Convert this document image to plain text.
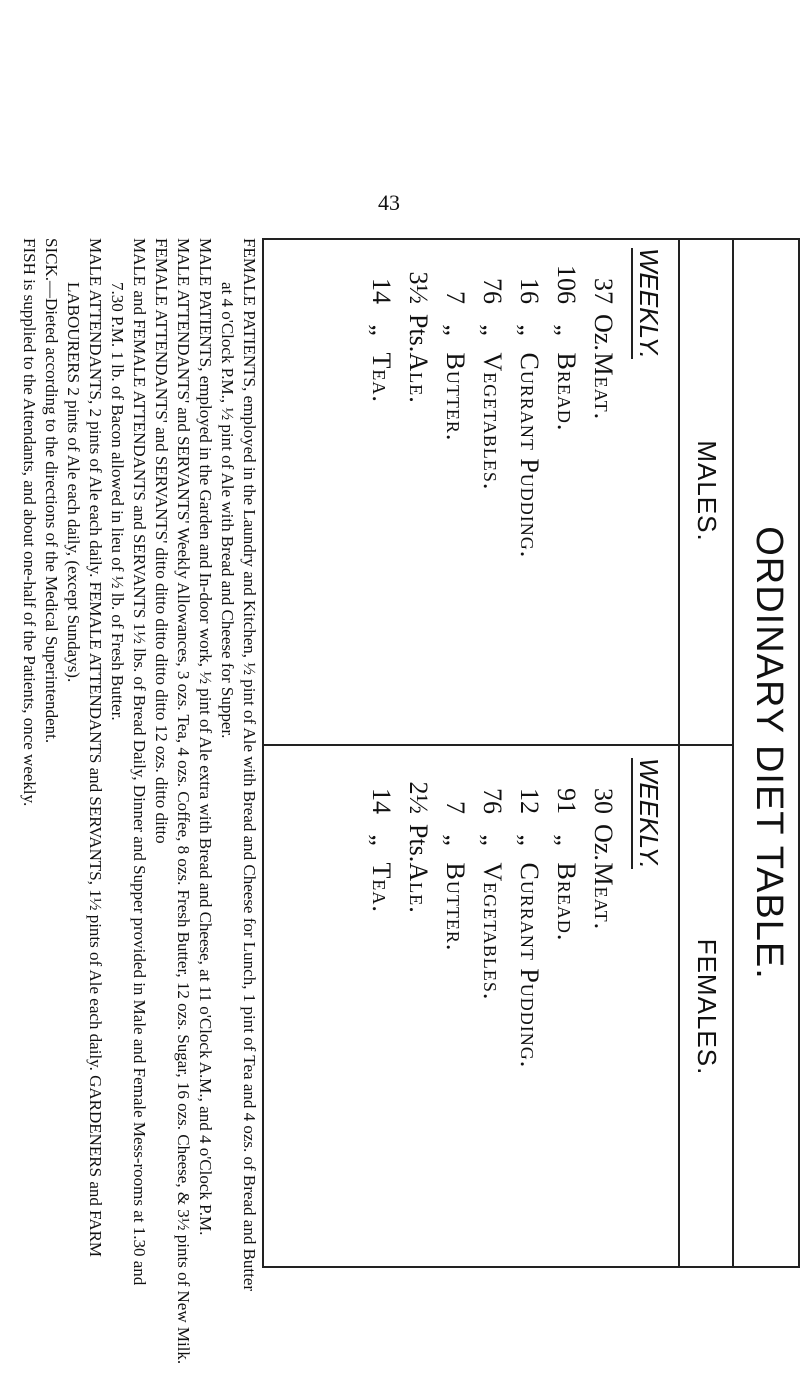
43
FEMALE PATIENTS, employed in the Laundry and Kitchen, ½ pint of Ale with Bread and Cheese for Lunch, 1 pint of Tea and 4 ozs. of Bread and Butter
at 4 o'Clock P.M., ½ pint of Ale with Bread and Cheese for Supper.
MALE PATIENTS, employed in the Garden and In-door work, ½ pint of Ale extra with Bread and Cheese, at 11 o'Clock A.M., and 4 o'Clock P.M.
MALE ATTENDANTS' and SERVANTS' Weekly Allowances, 3 ozs. Tea, 4 ozs. Coffee, 8 ozs. Fresh Butter, 12 ozs. Sugar, 16 ozs. Cheese, & 3½ pints of New Milk.
FEMALE ATTENDANTS' and SERVANTS' ditto ditto ditto ditto ditto 12 ozs. ditto ditto
MALE and FEMALE ATTENDANTS and SERVANTS 1½ lbs. of Bread Daily, Dinner and Supper provided in Male and Female Mess-rooms at 1.30 and	ORDINARY DIET TABLE.
MALES.
FEMALES.
WEEKLY.
37Oz. Meat.
106„ Bread.
16„ Currant Pudding.
76„ Vegetables.
7„ Butter.
3½Pts. Ale.
14„ Tea.
WEEKLY.
30Oz. Meat.
91„ Bread.
12„ Currant Pudding.
76„ Vegetables.
7„ Butter.
2½Pts. Ale.
14„ Tea.
7.30 P.M. 1 lb. of Bacon allowed in lieu of ½ lb. of Fresh Butter.
MALE ATTENDANTS, 2 pints of Ale each daily. FEMALE ATTENDANTS and SERVANTS, 1½ pints of Ale each daily. GARDENERS and FARM
LABOURERS 2 pints of Ale each daily, (except Sundays).
SICK.—Dieted according to the directions of the Medical Superintendent.
FISH is supplied to the Attendants, and about one-half of the Patients, once weekly.
